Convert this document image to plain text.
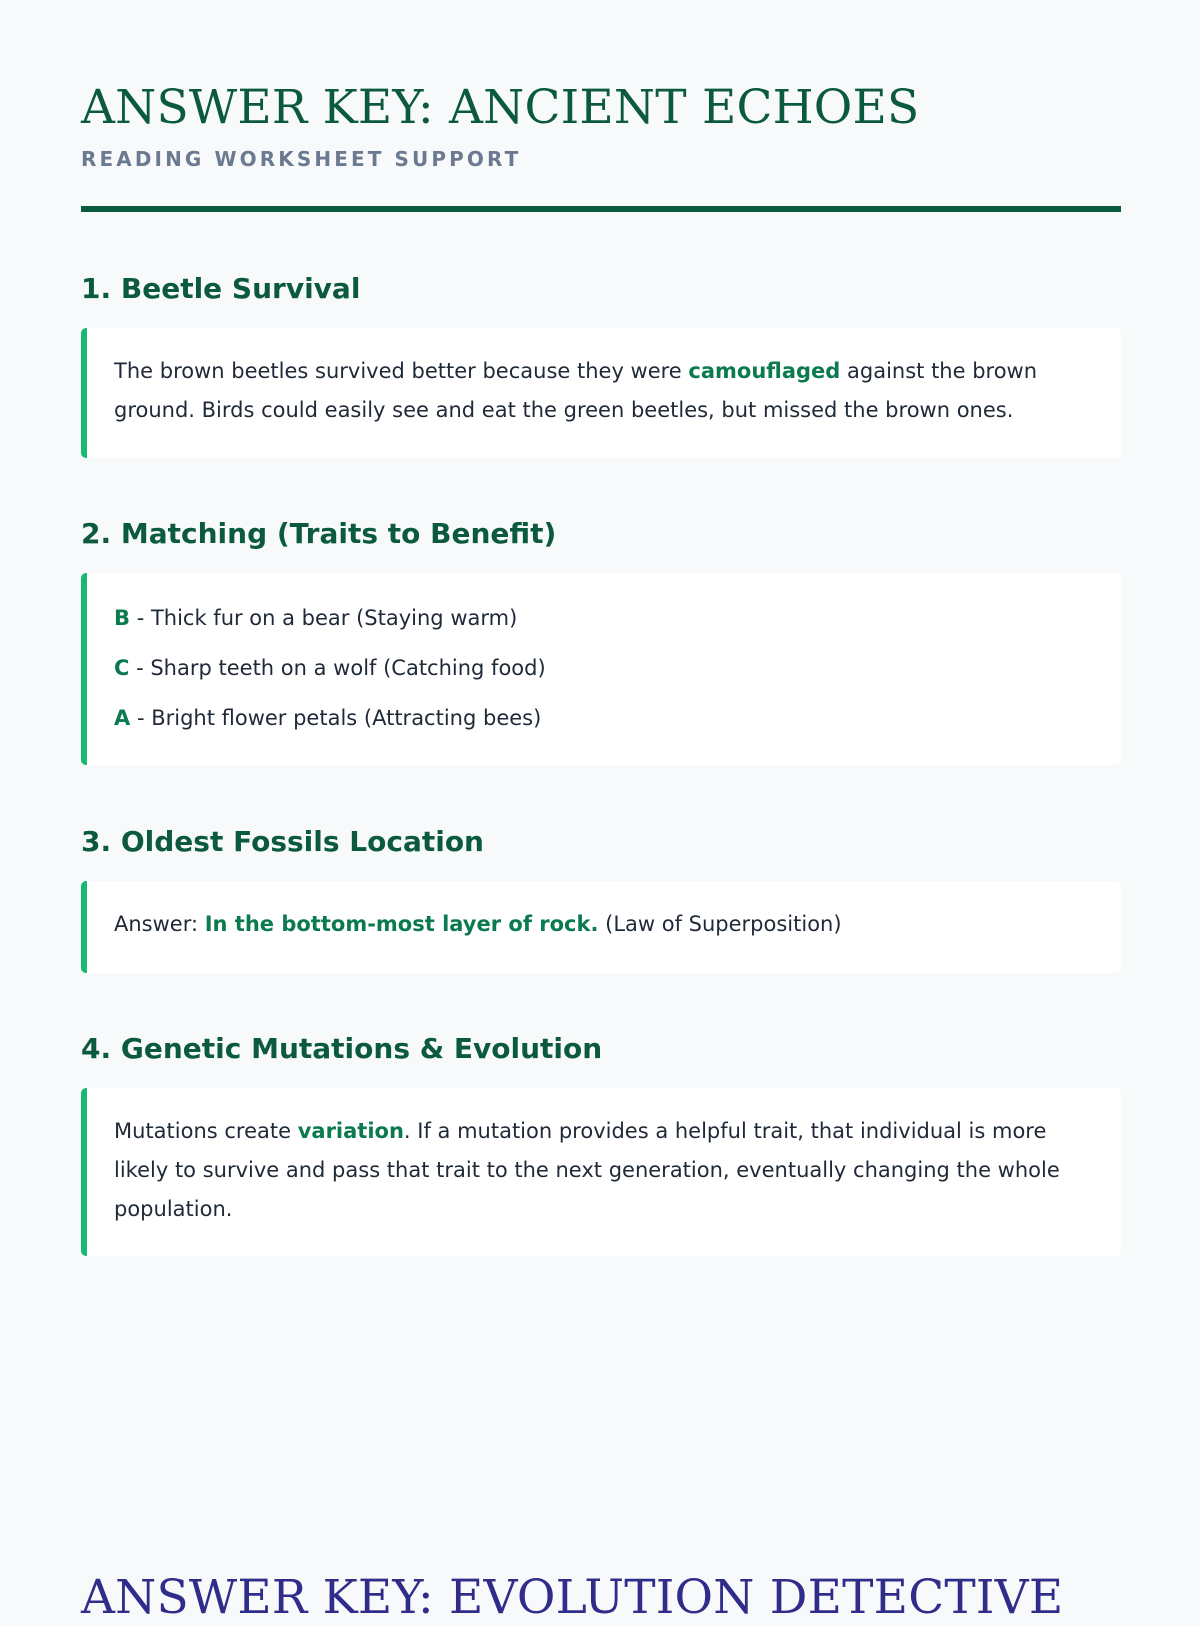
ANSWER KEY: ANCIENT ECHOES
READING WORKSHEET SUPPORT
1. Beetle Survival
The brown beetles survived better because they were camouflaged against the brown ground. Birds could easily see and eat the green beetles, but missed the brown ones.
2. Matching (Traits to Benefit)
B - Thick fur on a bear (Staying warm)
C - Sharp teeth on a wolf (Catching food)
A - Bright flower petals (Attracting bees)
3. Oldest Fossils Location
Answer: In the bottom-most layer of rock. (Law of Superposition)
4. Genetic Mutations & Evolution
Mutations create variation. If a mutation provides a helpful trait, that individual is more likely to survive and pass that trait to the next generation, eventually changing the whole population.
ANSWER KEY: EVOLUTION DETECTIVE
